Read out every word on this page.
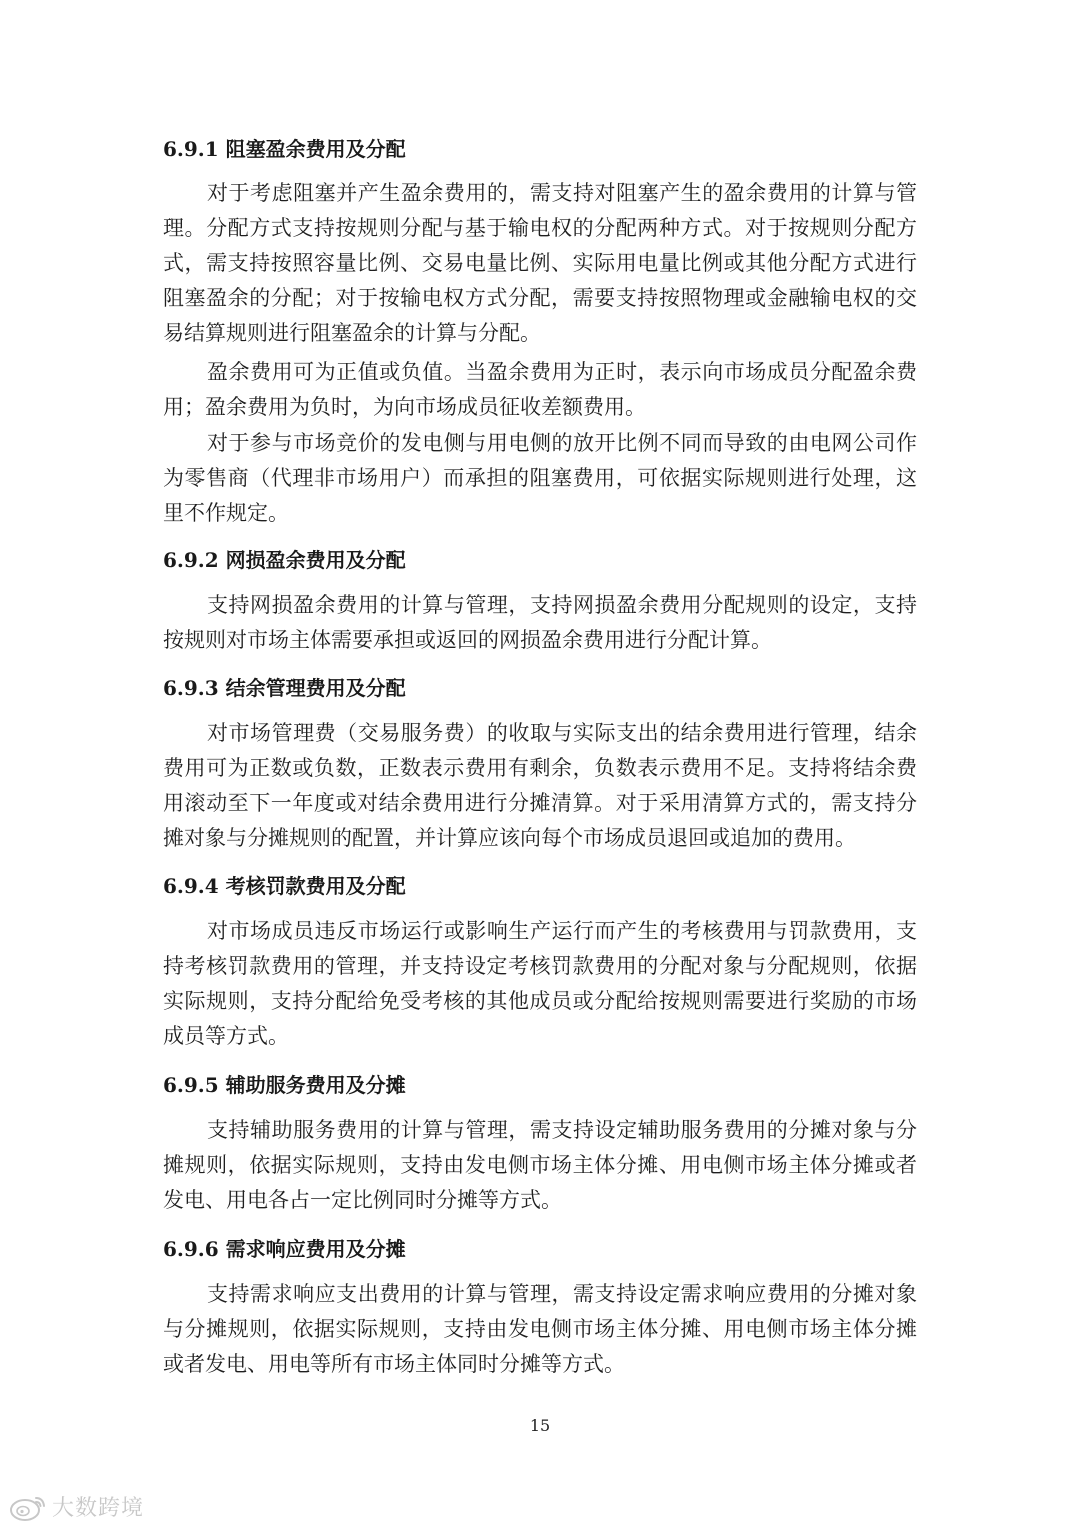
6.9.1 阻塞盈余费用及分配

对于考虑阻塞并产生盈余费用的，需支持对阻塞产生的盈余费用的计算与管理。分配方式支持按规则分配与基于输电权的分配两种方式。对于按规则分配方式，需支持按照容量比例、交易电量比例、实际用电量比例或其他分配方式进行阻塞盈余的分配；对于按输电权方式分配，需要支持按照物理或金融输电权的交易结算规则进行阻塞盈余的计算与分配。

盈余费用可为正值或负值。当盈余费用为正时，表示向市场成员分配盈余费用；盈余费用为负时，为向市场成员征收差额费用。

对于参与市场竞价的发电侧与用电侧的放开比例不同而导致的由电网公司作为零售商（代理非市场用户）而承担的阻塞费用，可依据实际规则进行处理，这里不作规定。

6.9.2 网损盈余费用及分配

支持网损盈余费用的计算与管理，支持网损盈余费用分配规则的设定，支持按规则对市场主体需要承担或返回的网损盈余费用进行分配计算。

6.9.3 结余管理费用及分配

对市场管理费（交易服务费）的收取与实际支出的结余费用进行管理，结余费用可为正数或负数，正数表示费用有剩余，负数表示费用不足。支持将结余费用滚动至下一年度或对结余费用进行分摊清算。对于采用清算方式的，需支持分摊对象与分摊规则的配置，并计算应该向每个市场成员退回或追加的费用。

6.9.4 考核罚款费用及分配

对市场成员违反市场运行或影响生产运行而产生的考核费用与罚款费用，支持考核罚款费用的管理，并支持设定考核罚款费用的分配对象与分配规则，依据实际规则，支持分配给免受考核的其他成员或分配给按规则需要进行奖励的市场成员等方式。

6.9.5 辅助服务费用及分摊

支持辅助服务费用的计算与管理，需支持设定辅助服务费用的分摊对象与分摊规则，依据实际规则，支持由发电侧市场主体分摊、用电侧市场主体分摊或者发电、用电各占一定比例同时分摊等方式。

6.9.6 需求响应费用及分摊

支持需求响应支出费用的计算与管理，需支持设定需求响应费用的分摊对象与分摊规则，依据实际规则，支持由发电侧市场主体分摊、用电侧市场主体分摊或者发电、用电等所有市场主体同时分摊等方式。

15
大数跨境
